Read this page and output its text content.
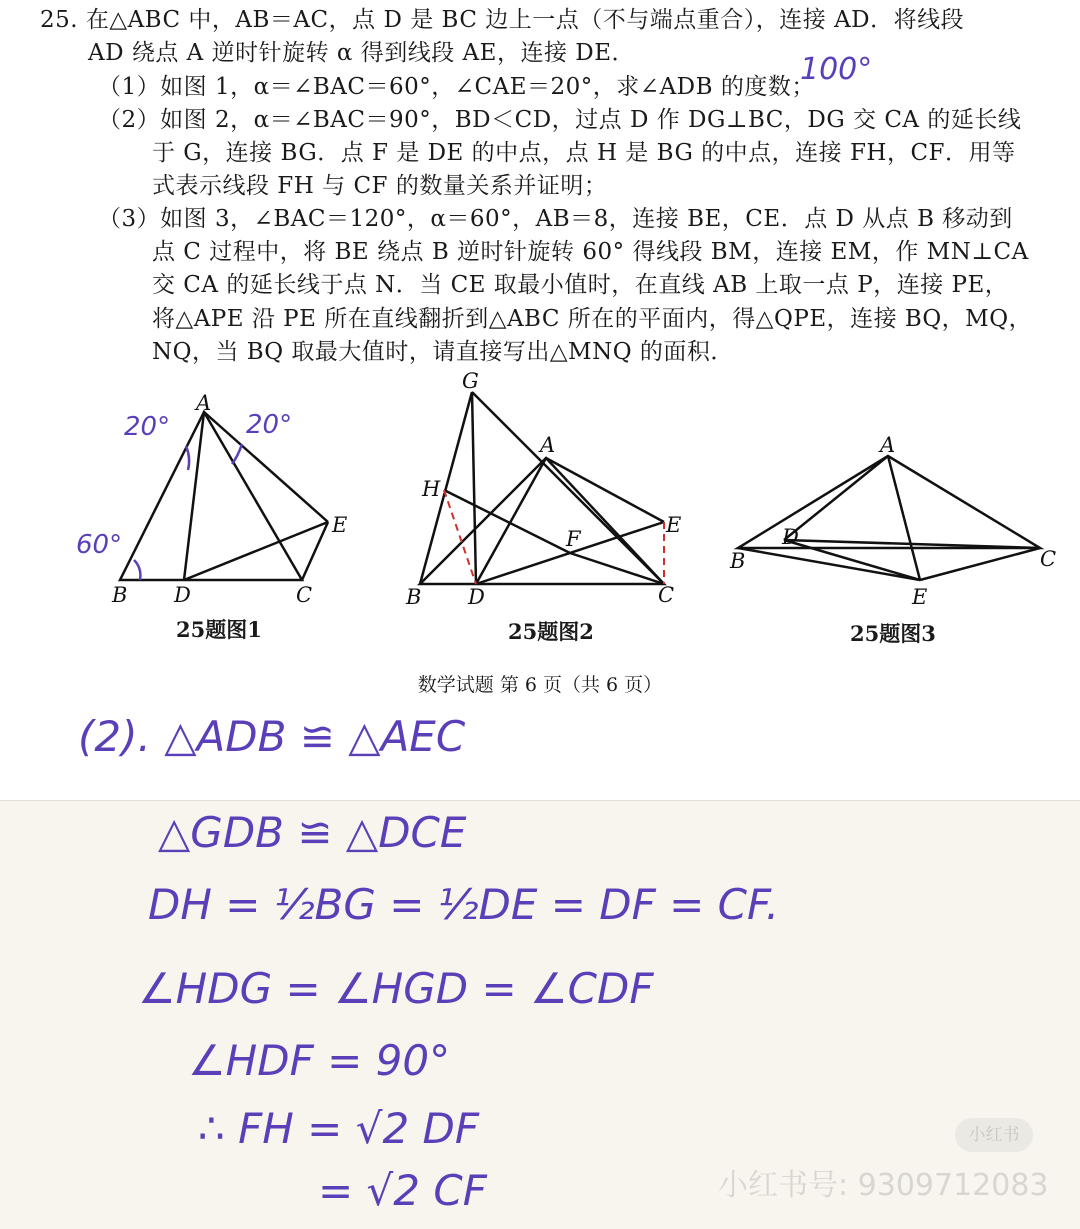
25. 在△ABC 中，AB＝AC，点 D 是 BC 边上一点（不与端点重合），连接 AD．将线段
AD 绕点 A 逆时针旋转 α 得到线段 AE，连接 DE．
（1）如图 1，α＝∠BAC＝60°，∠CAE＝20°，求∠ADB 的度数；
（2）如图 2，α＝∠BAC＝90°，BD＜CD，过点 D 作 DG⊥BC，DG 交 CA 的延长线
于 G，连接 BG．点 F 是 DE 的中点，点 H 是 BG 的中点，连接 FH，CF．用等
式表示线段 FH 与 CF 的数量关系并证明；
（3）如图 3，∠BAC＝120°，α＝60°，AB＝8，连接 BE，CE．点 D 从点 B 移动到
点 C 过程中，将 BE 绕点 B 逆时针旋转 60° 得线段 BM，连接 EM，作 MN⊥CA
交 CA 的延长线于点 N．当 CE 取最小值时，在直线 AB 上取一点 P，连接 PE，
将△APE 沿 PE 所在直线翻折到△ABC 所在的平面内，得△QPE，连接 BQ，MQ，
NQ，当 BQ 取最大值时，请直接写出△MNQ 的面积．
100°
A
B D	C
E
20°	20°
60°
25题图1
G
A
H
F
E
B D	C
25题图2
A
D
B	C
E
25题图3
数学试题 第 6 页（共 6 页）
(2). △ADB ≌ △AEC
△GDB ≌ △DCE
DH = ½BG = ½DE = DF = CF.
∠HDG = ∠HGD = ∠CDF
∠HDF = 90°
∴ FH = √2 DF
= √2 CF
小红书
小红书号: 9309712083
